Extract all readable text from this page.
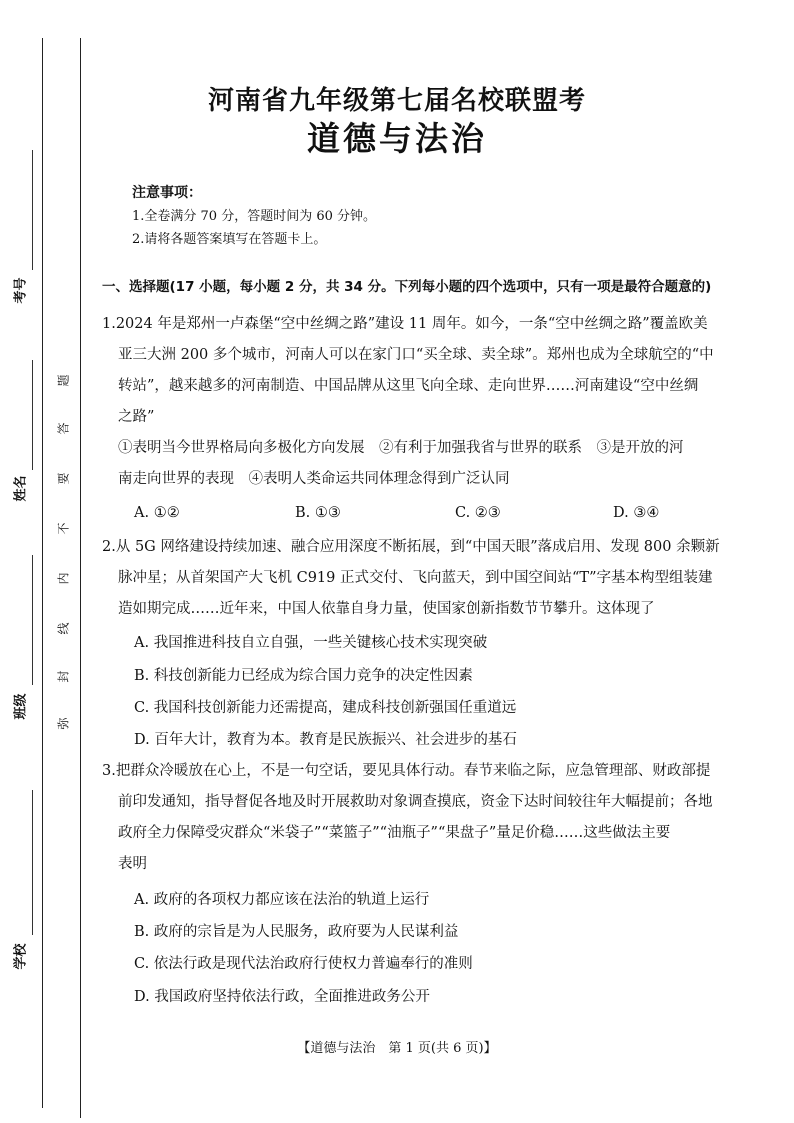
考号
姓名
班级
学校
题
答
要
不
内
线
封
弥
河南省九年级第七届名校联盟考
道德与法治
注意事项：
1.全卷满分 70 分，答题时间为 60 分钟。
2.请将各题答案填写在答题卡上。
一、选择题(17 小题，每小题 2 分，共 34 分。下列每小题的四个选项中，只有一项是最符合题意的)

1.2024 年是郑州一卢森堡“空中丝绸之路”建设 11 周年。如今，一条“空中丝绸之路”覆盖欧美

亚三大洲 200 多个城市，河南人可以在家门口“买全球、卖全球”。郑州也成为全球航空的“中

转站”，越来越多的河南制造、中国品牌从这里飞向全球、走向世界……河南建设“空中丝绸

之路”

①表明当今世界格局向多极化方向发展　②有利于加强我省与世界的联系　③是开放的河

南走向世界的表现　④表明人类命运共同体理念得到广泛认同

A. ①②	B. ①③	C. ②③	D. ③④

2.从 5G 网络建设持续加速、融合应用深度不断拓展，到“中国天眼”落成启用、发现 800 余颗新

脉冲星；从首架国产大飞机 C919 正式交付、飞向蓝天，到中国空间站“T”字基本构型组装建

造如期完成……近年来，中国人依靠自身力量，使国家创新指数节节攀升。这体现了

A. 我国推进科技自立自强，一些关键核心技术实现突破
B. 科技创新能力已经成为综合国力竞争的决定性因素
C. 我国科技创新能力还需提高，建成科技创新强国任重道远
D. 百年大计，教育为本。教育是民族振兴、社会进步的基石

3.把群众冷暖放在心上，不是一句空话，要见具体行动。春节来临之际，应急管理部、财政部提

前印发通知，指导督促各地及时开展救助对象调查摸底，资金下达时间较往年大幅提前；各地

政府全力保障受灾群众“米袋子”“菜篮子”“油瓶子”“果盘子”量足价稳……这些做法主要

表明

A. 政府的各项权力都应该在法治的轨道上运行
B. 政府的宗旨是为人民服务，政府要为人民谋利益
C. 依法行政是现代法治政府行使权力普遍奉行的准则
D. 我国政府坚持依法行政，全面推进政务公开
【道德与法治　第 1 页(共 6 页)】
